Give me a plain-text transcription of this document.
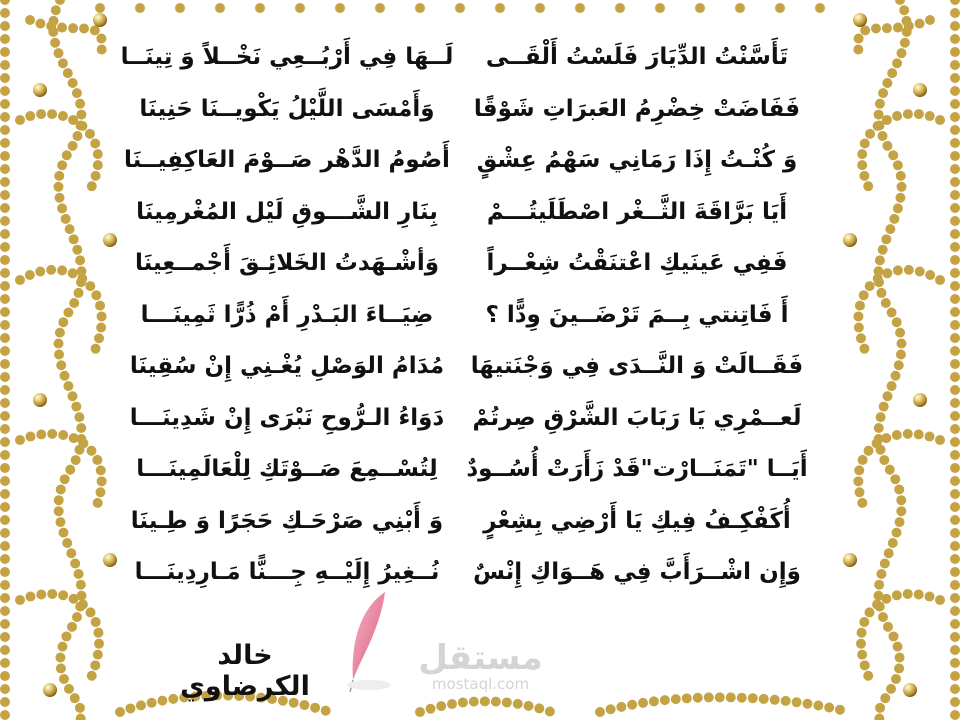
تَأَسَّنْتُ الدِّيَارَ فَلَسْتُ أَلْقَــى
فَفَاضَتْ خِضْرِمُ العَبرَاتِ شَوْقًا
وَ كُنْـتُ إِذَا رَمَانِي سَهْمُ عِشْقٍ
أَيَا بَرَّاقَةَ الثَّــغْر اصْطَلَيتُـــمْ
فَفِي عَينَيكِ اعْتنَقْتُ شِعْــراً
أَ فَاتِنتي بِــمَ تَرْضَــينَ وِدًّا ؟
فَقَــالَتْ وَ النَّــدَى فِي وَجْنَتيهَا
لَعــمْرِي يَا رَبَابَ الشَّرْقِ صِرتُمْ
أَيَــا "تَمَنَــارْت"قَدْ زَأَرَتْ أُسُــودٌ
أُكَفْكِـفُ فِيكِ يَا أَرْضِي بِشِعْرٍ
وَإِن اشْــرَأَبَّ فِي هَــوَاكِ إِنْسٌ
لَــهَا فِي أَرْبُــعِي نَخْــلاً وَ تِينَــا
وَأَمْسَى اللَّيْلُ يَكْويــنَا حَنِينَا
أَصُومُ الدَّهْر صَــوْمَ العَاكِفِيــنَا
بِنَارِ الشَّـــوقِ لَيْل المُغْرمِينَا
وَأشْـهَدتُ الخَلائِـقَ أَجْمــعِينَا
ضِيَــاءَ البَـدْرِ أَمْ ذُرًّا ثَمِينَـــا
مُدَامُ الوَصْلِ يُغْـنِي إِنْ سُقِينَا
دَوَاءُ الـرُّوحِ نَبْرَى إِنْ شَدِينَـــا
لِتُسْــمِعَ صَــوْتَكِ لِلْعَالَمِينَـــا
وَ أَبْنِي صَرْحَـكِ حَجَرًا وَ طِـينَا
نُــغِيرُ إِلَيْــهِ جِـــنًّا مَـارِدِينَـــا
خالد الكرضاوي
مستقل
mostaql.com
